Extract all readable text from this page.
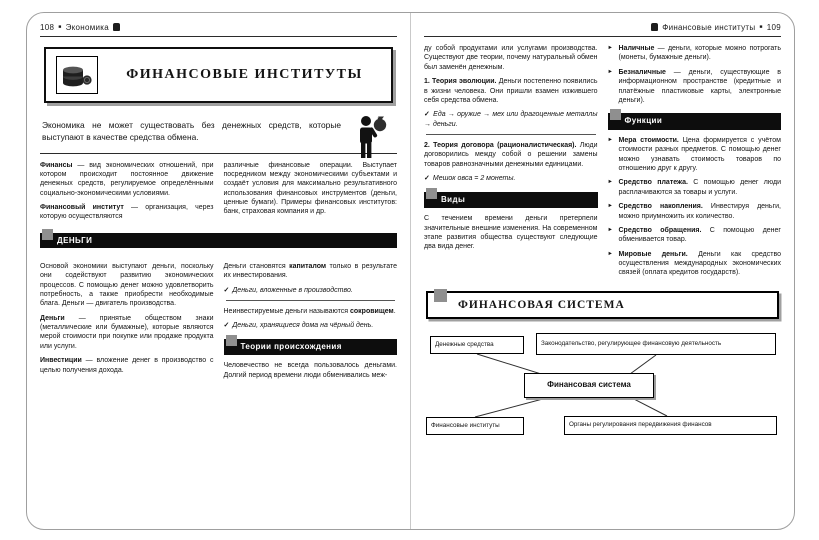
108 ■ Экономика
ФИНАНСОВЫЕ ИНСТИТУТЫ
Экономика не может существовать без денежных средств, которые выступают в качестве средства обмена.

Финансы — вид экономических отношений, при котором происходит постоянное движение денежных средств, регулируемое определёнными социально-экономическими условиями.

Финансовый институт — организация, через которую осуществляются

различные финансовые операции. Выступает посредником между экономическими субъектами и создаёт условия для максимально результативного использования финансовых инструментов (деньги, ценные бумаги). Примеры финансовых институтов: банк, страховая компания и др.

ДЕНЬГИ

Основой экономики выступают деньги, поскольку они содействуют развитию экономических процессов. С помощью денег можно удовлетворить потребность, а также приобрести необходимые блага. Деньги — двигатель производства.

Деньги — принятые обществом знаки (металлические или бумажные), которые являются мерой стоимости при покупке или продаже продукта или услуги.

Инвестиции — вложение денег в производство с целью получения дохода.

Деньги становятся капиталом только в результате их инвестирования.

✓ Деньги, вложенные в производство.

Неинвестируемые деньги называются сокровищем.

✓ Деньги, хранящиеся дома на чёрный день.

Теории происхождения

Человечество не всегда пользовалось деньгами. Долгий период времени люди обменивались меж-

Финансовые институты ■ 109

ду собой продуктами или услугами производства. Существуют две теории, почему натуральный обмен был заменён денежным.

1. Теория эволюции. Деньги постепенно появились в жизни человека. Они пришли взамен изжившего себя средства обмена.

✓ Еда → оружие → мех или драгоценные металлы → деньги.

2. Теория договора (рационалистическая). Люди договорились между собой о решении замены товаров равнозначными денежными единицами.

✓ Мешок овса = 2 монеты.

Виды

С течением времени деньги претерпели значительные внешние изменения. На современном этапе развития общества существуют следующие два вида денег.

► Наличные — деньги, которые можно потрогать (монеты, бумажные деньги).
► Безналичные — деньги, существующие в информационном пространстве (кредитные и платёжные пластиковые карты, электронные деньги).
Функции
► Мера стоимости. Цена формируется с учётом стоимости разных предметов. С помощью денег можно узнавать стоимость товаров по отношению друг к другу.
► Средство платежа. С помощью денег люди расплачиваются за товары и услуги.
► Средство накопления. Инвестируя деньги, можно приумножить их количество.
► Средство обращения. С помощью денег обменивается товар.
► Мировые деньги. Деньги как средство осуществления международных экономических связей (оплата кредитов государств).
ФИНАНСОВАЯ СИСТЕМА
Денежные средства	Законодательство, регулирующее финансовую деятельность
Финансовая система
Финансовые институты	Органы регулирования передвижения финансов
